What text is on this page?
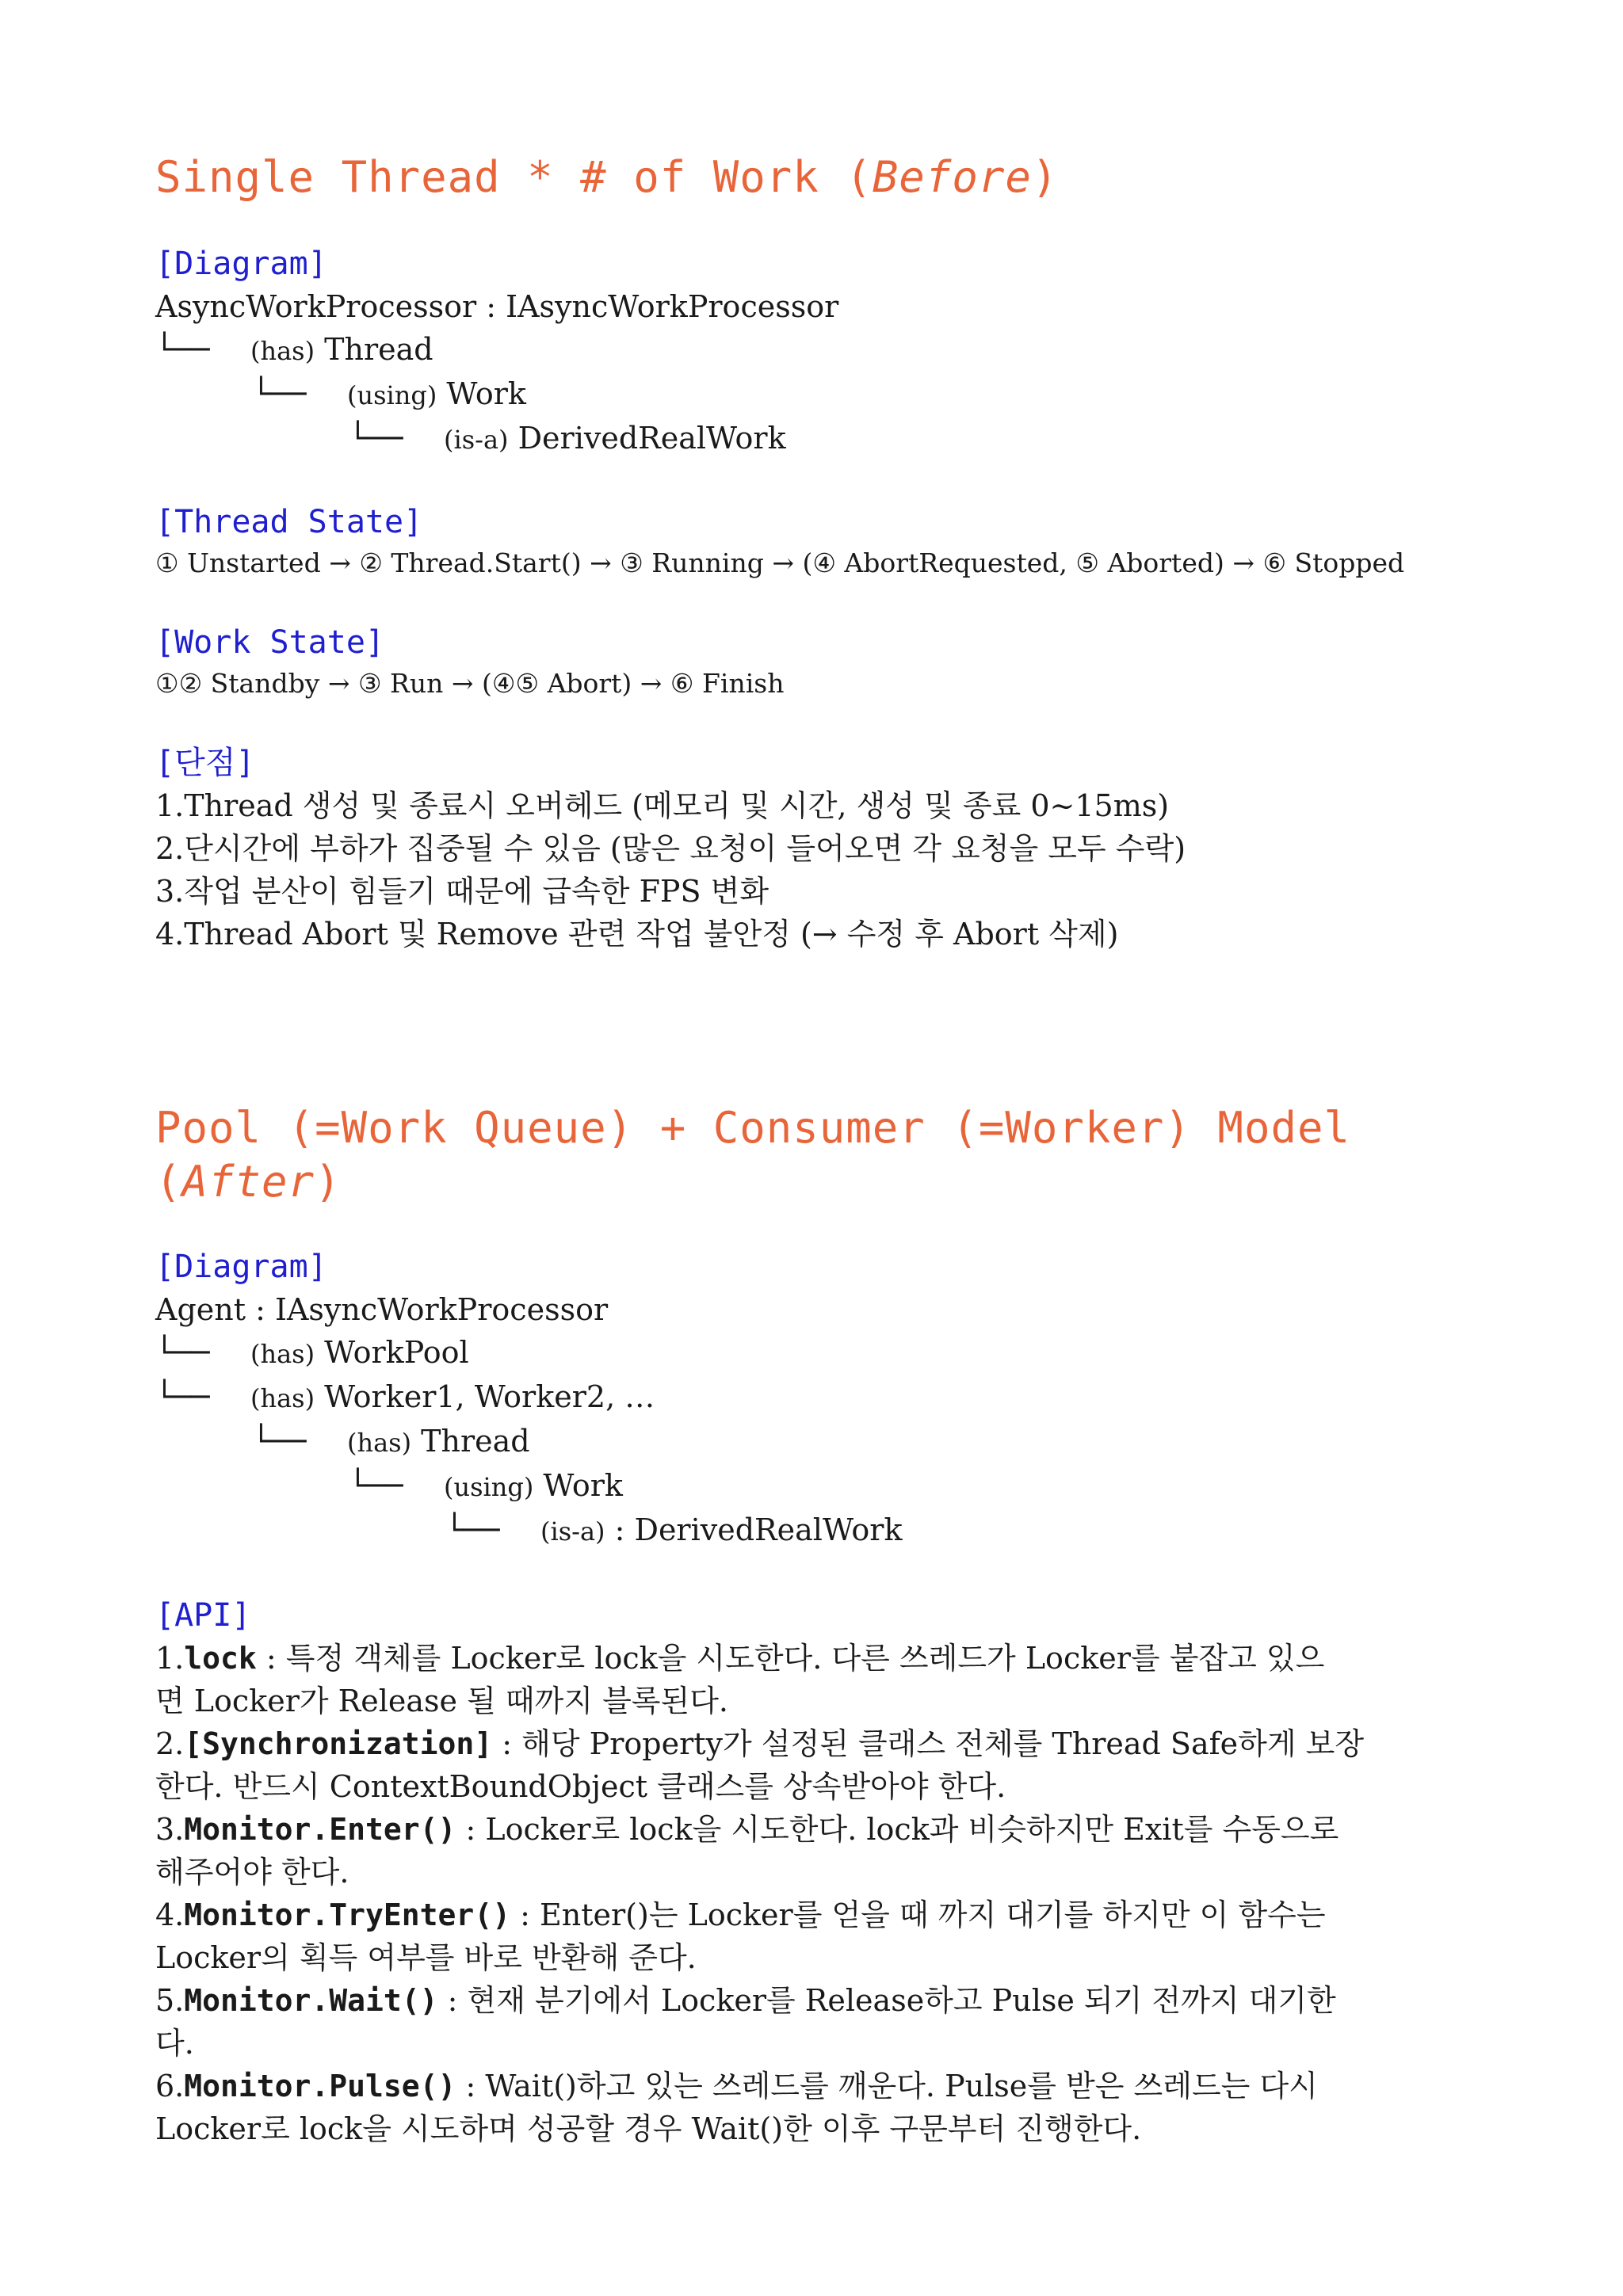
Single Thread * # of Work (Before)

[Diagram]

AsyncWorkProcessor : IAsyncWorkProcessor

└── (has) Thread

└── (using) Work

└── (is-a) DerivedRealWork

[Thread State]

① Unstarted → ② Thread.Start() → ③ Running → (④ AbortRequested, ⑤ Aborted) → ⑥ Stopped

[Work State]

①② Standby → ③ Run → (④⑤ Abort) → ⑥ Finish

[단점]

1.Thread 생성 및 종료시 오버헤드 (메모리 및 시간, 생성 및 종료 0~15ms)

2.단시간에 부하가 집중될 수 있음 (많은 요청이 들어오면 각 요청을 모두 수락)

3.작업 분산이 힘들기 때문에 급속한 FPS 변화

4.Thread Abort 및 Remove 관련 작업 불안정 (→ 수정 후 Abort 삭제)

Pool (=Work Queue) + Consumer (=Worker) Model
(After)

[Diagram]

Agent : IAsyncWorkProcessor

└── (has) WorkPool

└── (has) Worker1, Worker2, …

└── (has) Thread

└── (using) Work

└── (is-a) : DerivedRealWork

[API]

1.lock : 특정 객체를 Locker로 lock을 시도한다. 다른 쓰레드가 Locker를 붙잡고 있으

면 Locker가 Release 될 때까지 블록된다.

2.[Synchronization] : 해당 Property가 설정된 클래스 전체를 Thread Safe하게 보장

한다. 반드시 ContextBoundObject 클래스를 상속받아야 한다.

3.Monitor.Enter() : Locker로 lock을 시도한다. lock과 비슷하지만 Exit를 수동으로

해주어야 한다.

4.Monitor.TryEnter() : Enter()는 Locker를 얻을 때 까지 대기를 하지만 이 함수는

Locker의 획득 여부를 바로 반환해 준다.

5.Monitor.Wait() : 현재 분기에서 Locker를 Release하고 Pulse 되기 전까지 대기한

다.

6.Monitor.Pulse() : Wait()하고 있는 쓰레드를 깨운다. Pulse를 받은 쓰레드는 다시

Locker로 lock을 시도하며 성공할 경우 Wait()한 이후 구문부터 진행한다.
